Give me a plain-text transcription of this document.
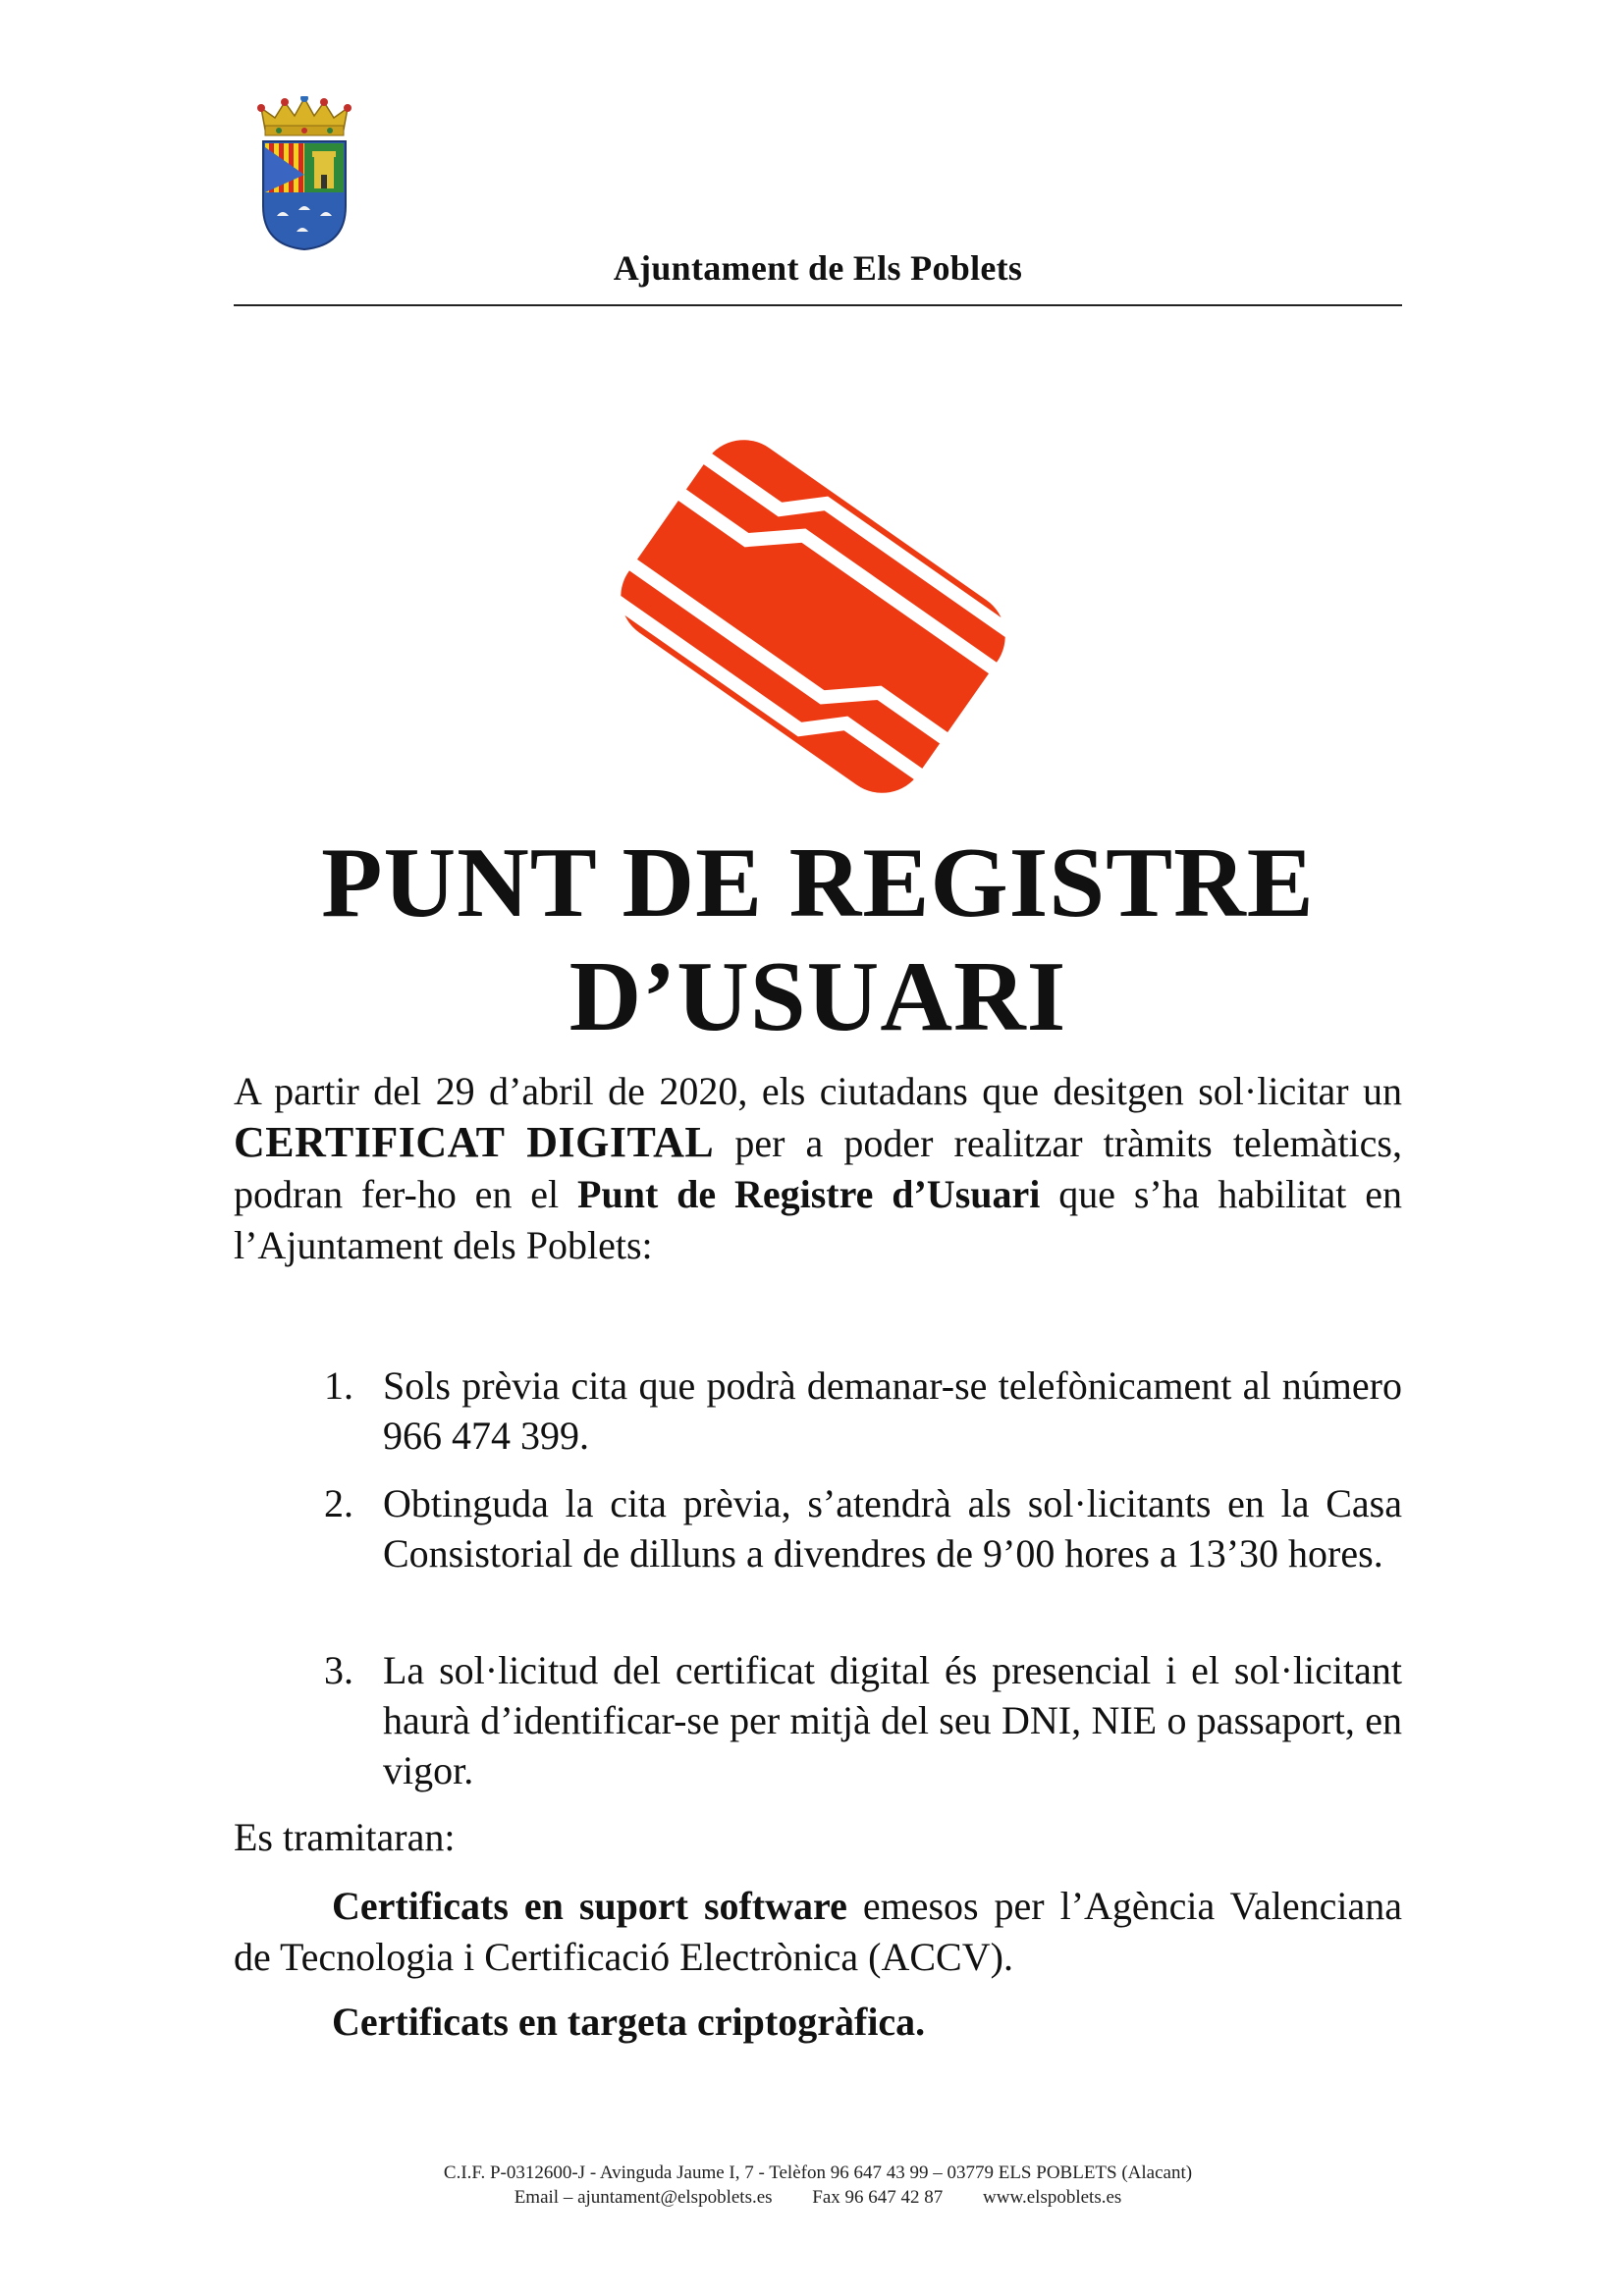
Ajuntament de Els Poblets
PUNT DE REGISTRE
D’USUARI

A partir del 29 d’abril de 2020, els ciutadans que desitgen sol·licitar un CERTIFICAT DIGITAL per a poder realitzar tràmits telemàtics, podran fer-ho en el Punt de Registre d’Usuari que s’ha habilitat en l’Ajuntament dels Poblets:

1. Sols prèvia cita que podrà demanar-se telefònicament al número 966 474 399.

2. Obtinguda la cita prèvia, s’atendrà als sol·licitants en la Casa Consistorial de dilluns a divendres de 9’00 hores a 13’30 hores.

3. La sol·licitud del certificat digital és presencial i el sol·licitant haurà d’identificar-se per mitjà del seu DNI, NIE o passaport, en vigor.

Es tramitaran:

Certificats en suport software emesos per l’Agència Valenciana de Tecnologia i Certificació Electrònica (ACCV).

Certificats en targeta criptogràfica.

C.I.F. P-0312600-J - Avinguda Jaume I, 7 - Telèfon 96 647 43 99 – 03779 ELS POBLETS (Alacant)
Email – ajuntament@elspoblets.es Fax 96 647 42 87 www.elspoblets.es
